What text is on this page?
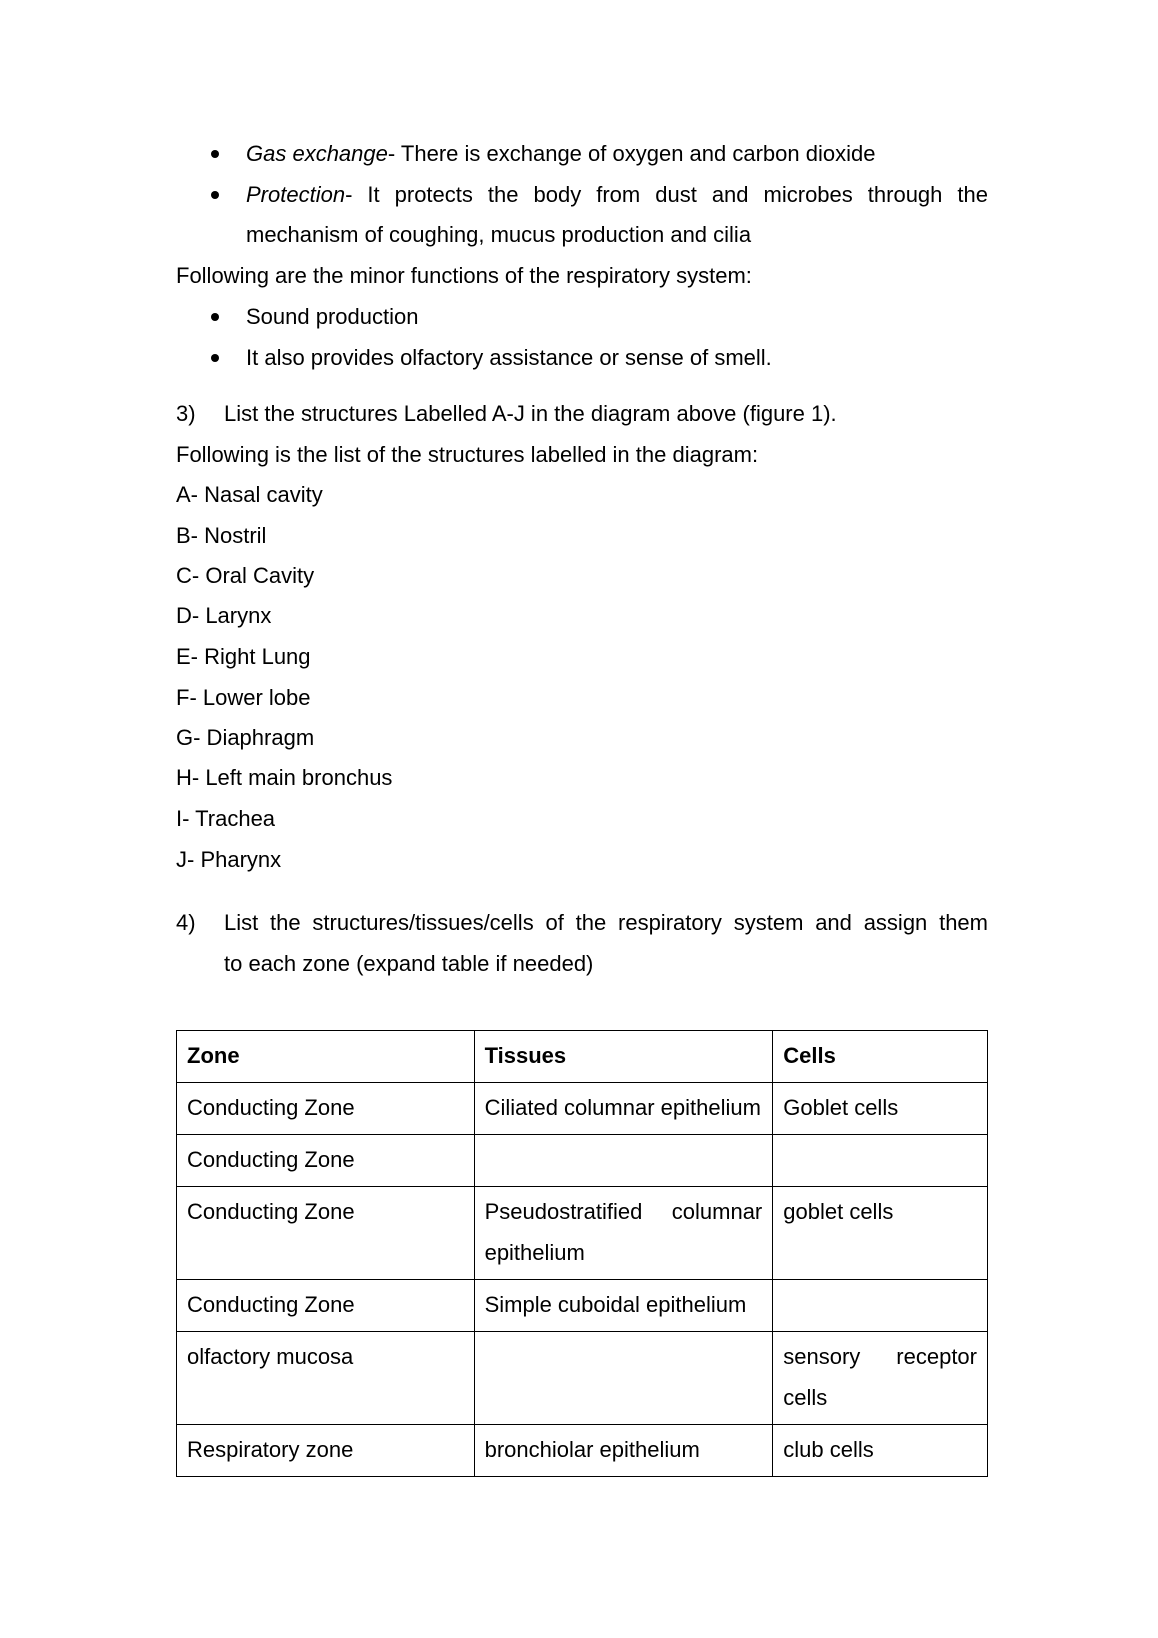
Gas exchange- There is exchange of oxygen and carbon dioxide
Protection- It protects the body from dust and microbes through the
mechanism of coughing, mucus production and cilia
Following are the minor functions of the respiratory system:
Sound production
It also provides olfactory assistance or sense of smell.
3) List the structures Labelled A-J in the diagram above (figure 1).
Following is the list of the structures labelled in the diagram:
A- Nasal cavity
B- Nostril
C- Oral Cavity
D- Larynx
E- Right Lung
F- Lower lobe
G- Diaphragm
H- Left main bronchus
I- Trachea
J- Pharynx
4) List the structures/tissues/cells of the respiratory system and assign them
to each zone (expand table if needed)
Zone	Tissues	Cells

Conducting Zone	Ciliated columnar epithelium	Goblet cells

Conducting Zone		

Conducting Zone	Pseudostratified columnar epithelium	goblet cells

Conducting Zone	Simple cuboidal epithelium	

olfactory mucosa		sensory receptor cells

Respiratory zone	bronchiolar epithelium	club cells
